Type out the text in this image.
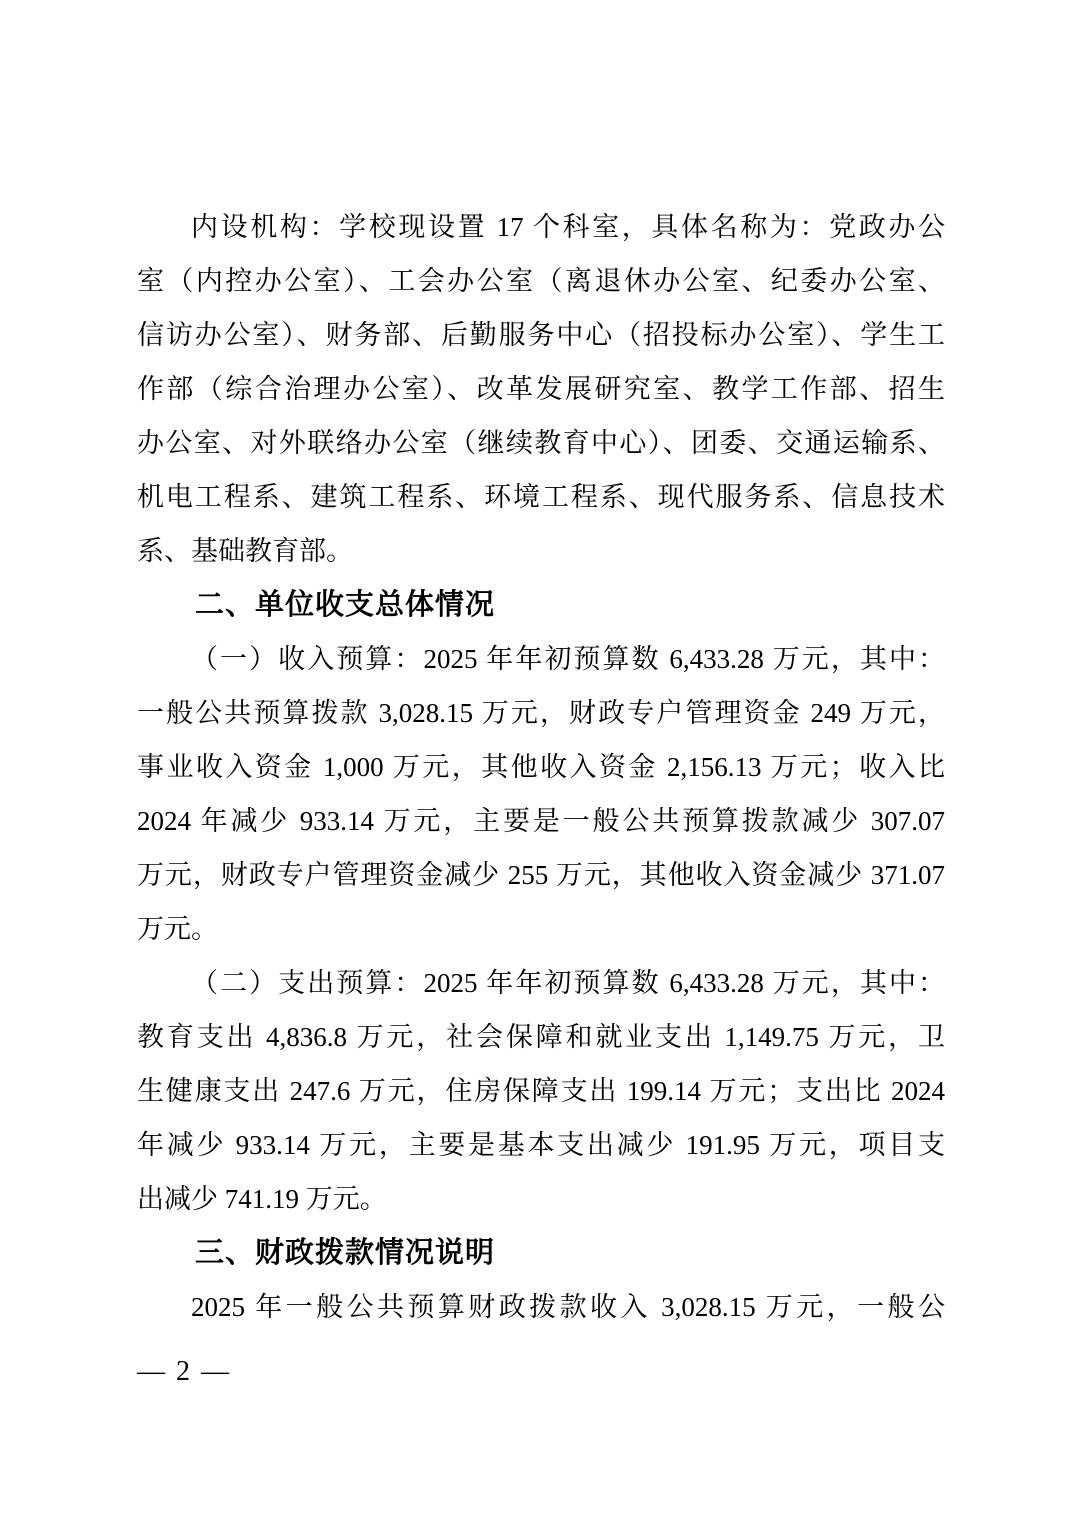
内设机构：学校现设置 17 个科室，具体名称为：党政办公
室（内控办公室）、工会办公室（离退休办公室、纪委办公室、
信访办公室）、财务部、后勤服务中心（招投标办公室）、学生工
作部（综合治理办公室）、改革发展研究室、教学工作部、招生
办公室、对外联络办公室（继续教育中心）、团委、交通运输系、
机电工程系、建筑工程系、环境工程系、现代服务系、信息技术
系、基础教育部。
二、单位收支总体情况
（一）收入预算：2025 年年初预算数 6,433.28 万元，其中：
一般公共预算拨款 3,028.15 万元，财政专户管理资金 249 万元，
事业收入资金 1,000 万元，其他收入资金 2,156.13 万元；收入比
2024 年减少 933.14 万元，主要是一般公共预算拨款减少 307.07
万元，财政专户管理资金减少 255 万元，其他收入资金减少 371.07
万元。
（二）支出预算：2025 年年初预算数 6,433.28 万元，其中：
教育支出 4,836.8 万元，社会保障和就业支出 1,149.75 万元，卫
生健康支出 247.6 万元，住房保障支出 199.14 万元；支出比 2024
年减少 933.14 万元，主要是基本支出减少 191.95 万元，项目支
出减少 741.19 万元。
三、财政拨款情况说明
2025 年一般公共预算财政拨款收入 3,028.15 万元，一般公
— 2 —
